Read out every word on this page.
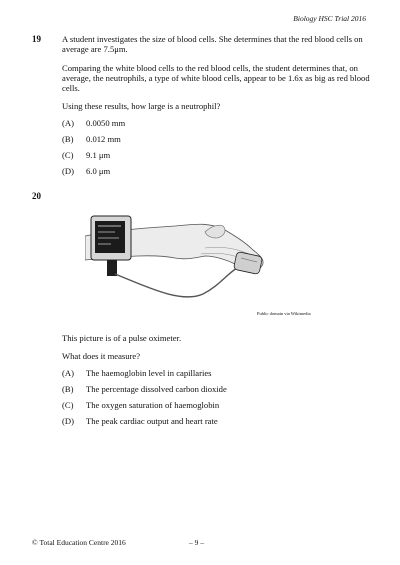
Biology HSC Trial 2016
19 A student investigates the size of blood cells. She determines that the red blood cells on average are 7.5μm.
Comparing the white blood cells to the red blood cells, the student determines that, on average, the neutrophils, a type of white blood cells, appear to be 1.6x as big as red blood cells.
Using these results, how large is a neutrophil?
(A) 0.0050 mm
(B) 0.012 mm
(C) 9.1 μm
(D) 6.0 μm
20
Public domain via Wikimedia
This picture is of a pulse oximeter.
What does it measure?
(A) The haemoglobin level in capillaries
(B) The percentage dissolved carbon dioxide
(C) The oxygen saturation of haemoglobin
(D) The peak cardiac output and heart rate
© Total Education Centre 2016	– 9 –
